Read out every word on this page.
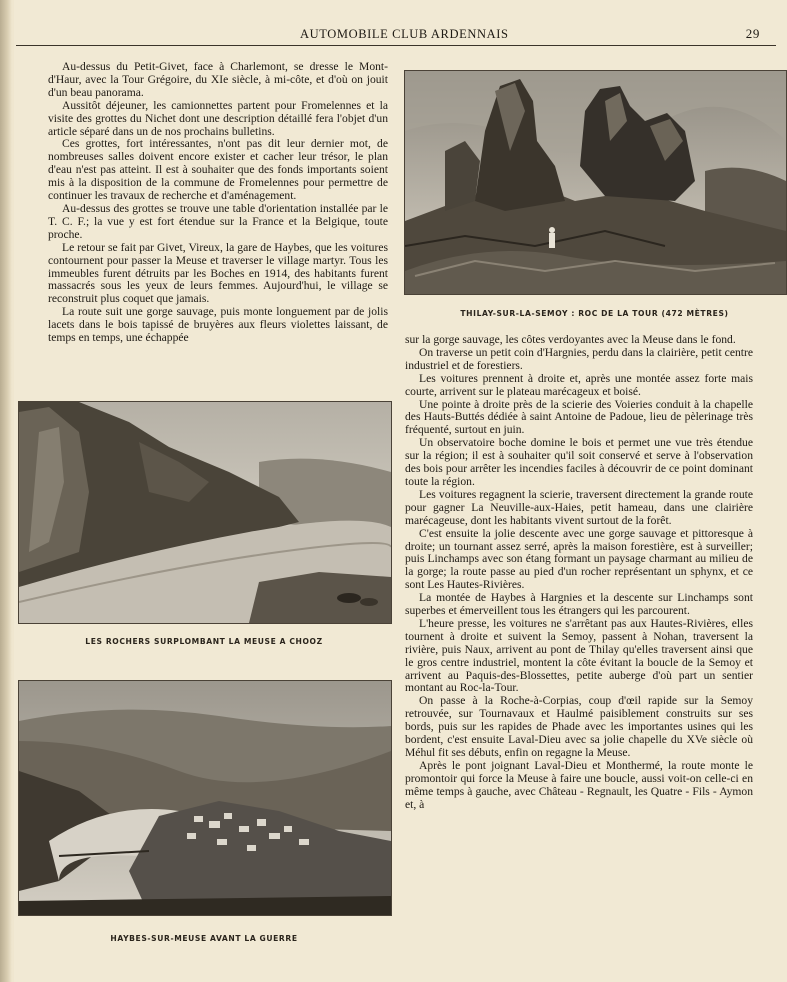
AUTOMOBILE CLUB ARDENNAIS	29

Au-dessus du Petit-Givet, face à Charlemont, se dresse le Mont-d'Haur, avec la Tour Grégoire, du XIe siècle, à mi-côte, et d'où on jouit d'un beau panorama.

Aussitôt déjeuner, les camionnettes partent pour Fromelennes et la visite des grottes du Nichet dont une description détaillé fera l'objet d'un article séparé dans un de nos prochains bulletins.

Ces grottes, fort intéressantes, n'ont pas dit leur dernier mot, de nombreuses salles doivent encore exister et cacher leur trésor, le plan d'eau n'est pas atteint. Il est à souhaiter que des fonds importants soient mis à la disposition de la commune de Fromelennes pour permettre de continuer les travaux de recherche et d'aménagement.

Au-dessus des grottes se trouve une table d'orientation installée par le T. C. F.; la vue y est fort étendue sur la France et la Belgique, toute proche.

Le retour se fait par Givet, Vireux, la gare de Haybes, que les voitures contournent pour passer la Meuse et traverser le village martyr. Tous les immeubles furent détruits par les Boches en 1914, des habitants furent massacrés sous les yeux de leurs femmes. Aujourd'hui, le village se reconstruit plus coquet que jamais.

La route suit une gorge sauvage, puis monte longuement par de jolis lacets dans le bois tapissé de bruyères aux fleurs violettes laissant, de temps en temps, une échappée

THILAY-SUR-LA-SEMOY : ROC DE LA TOUR (472 MÈTRES)
LES ROCHERS SURPLOMBANT LA MEUSE A CHOOZ
HAYBES-SUR-MEUSE AVANT LA GUERRE

sur la gorge sauvage, les côtes verdoyantes avec la Meuse dans le fond.

On traverse un petit coin d'Hargnies, perdu dans la clairière, petit centre industriel et de forestiers.

Les voitures prennent à droite et, après une montée assez forte mais courte, arrivent sur le plateau marécageux et boisé.

Une pointe à droite près de la scierie des Voieries conduit à la chapelle des Hauts-Buttés dédiée à saint Antoine de Padoue, lieu de pèlerinage très fréquenté, surtout en juin.

Un observatoire boche domine le bois et permet une vue très étendue sur la région; il est à souhaiter qu'il soit conservé et serve à l'observation des bois pour arrêter les incendies faciles à découvrir de ce point dominant toute la région.

Les voitures regagnent la scierie, traversent directement la grande route pour gagner La Neuville-aux-Haies, petit hameau, dans une clairière marécageuse, dont les habitants vivent surtout de la forêt.

C'est ensuite la jolie descente avec une gorge sauvage et pittoresque à droite; un tournant assez serré, après la maison forestière, est à surveiller; puis Linchamps avec son étang formant un paysage charmant au milieu de la gorge; la route passe au pied d'un rocher représentant un sphynx, et ce sont Les Hautes-Rivières.

La montée de Haybes à Hargnies et la descente sur Linchamps sont superbes et émerveillent tous les étrangers qui les parcourent.

L'heure presse, les voitures ne s'arrêtant pas aux Hautes-Rivières, elles tournent à droite et suivent la Semoy, passent à Nohan, traversent la rivière, puis Naux, arrivent au pont de Thilay qu'elles traversent ainsi que le gros centre industriel, montent la côte évitant la boucle de la Semoy et arrivent au Paquis-des-Blossettes, petite auberge d'où part un sentier montant au Roc-la-Tour.

On passe à la Roche-à-Corpias, coup d'œil rapide sur la Semoy retrouvée, sur Tournavaux et Haulmé paisiblement construits sur ses bords, puis sur les rapides de Phade avec les importantes usines qui les bordent, c'est ensuite Laval-Dieu avec sa jolie chapelle du XVe siècle où Méhul fit ses débuts, enfin on regagne la Meuse.

Après le pont joignant Laval-Dieu et Monthermé, la route monte le promontoir qui force la Meuse à faire une boucle, aussi voit-on celle-ci en même temps à gauche, avec Château - Regnault, les Quatre - Fils - Aymon et, à
